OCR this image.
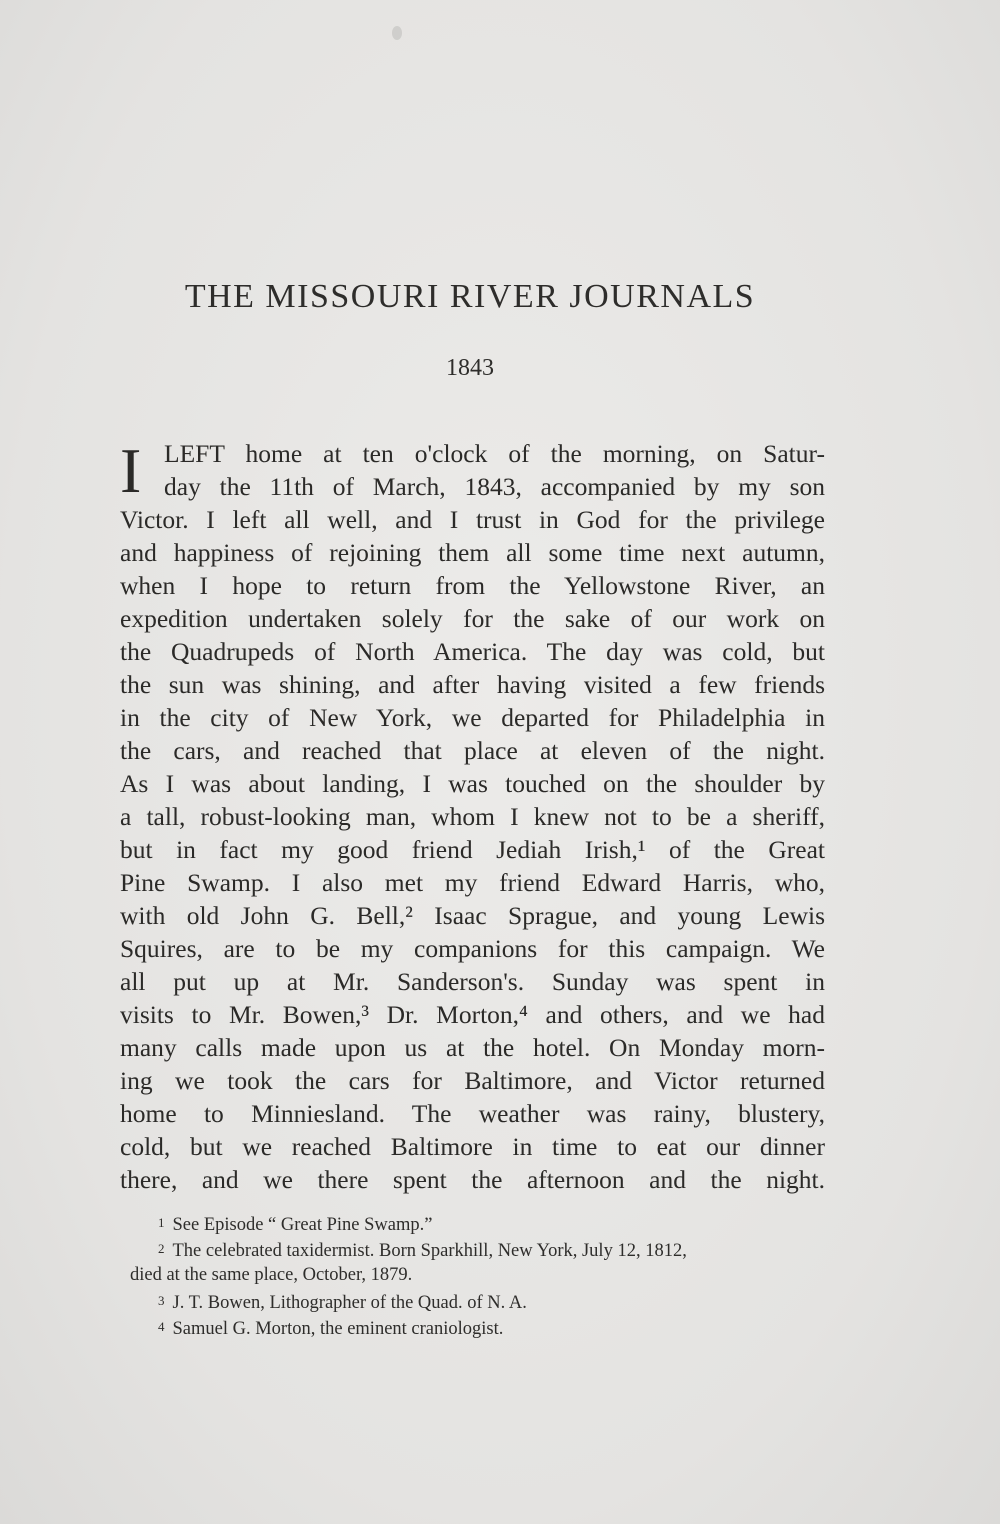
THE MISSOURI RIVER JOURNALS
1843
I LEFT home at ten o'clock of the morning, on Satur-
day the 11th of March, 1843, accompanied by my son
Victor. I left all well, and I trust in God for the privilege
and happiness of rejoining them all some time next autumn,
when I hope to return from the Yellowstone River, an
expedition undertaken solely for the sake of our work on
the Quadrupeds of North America. The day was cold, but
the sun was shining, and after having visited a few friends
in the city of New York, we departed for Philadelphia in
the cars, and reached that place at eleven of the night.
As I was about landing, I was touched on the shoulder by
a tall, robust-looking man, whom I knew not to be a sheriff,
but in fact my good friend Jediah Irish,¹ of the Great
Pine Swamp. I also met my friend Edward Harris, who,
with old John G. Bell,² Isaac Sprague, and young Lewis
Squires, are to be my companions for this campaign. We
all put up at Mr. Sanderson's. Sunday was spent in
visits to Mr. Bowen,³ Dr. Morton,⁴ and others, and we had
many calls made upon us at the hotel. On Monday morn-
ing we took the cars for Baltimore, and Victor returned
home to Minniesland. The weather was rainy, blustery,
cold, but we reached Baltimore in time to eat our dinner
there, and we there spent the afternoon and the night.
1 See Episode “ Great Pine Swamp.”
2 The celebrated taxidermist. Born Sparkhill, New York, July 12, 1812,
died at the same place, October, 1879.
3 J. T. Bowen, Lithographer of the Quad. of N. A.
4 Samuel G. Morton, the eminent craniologist.
